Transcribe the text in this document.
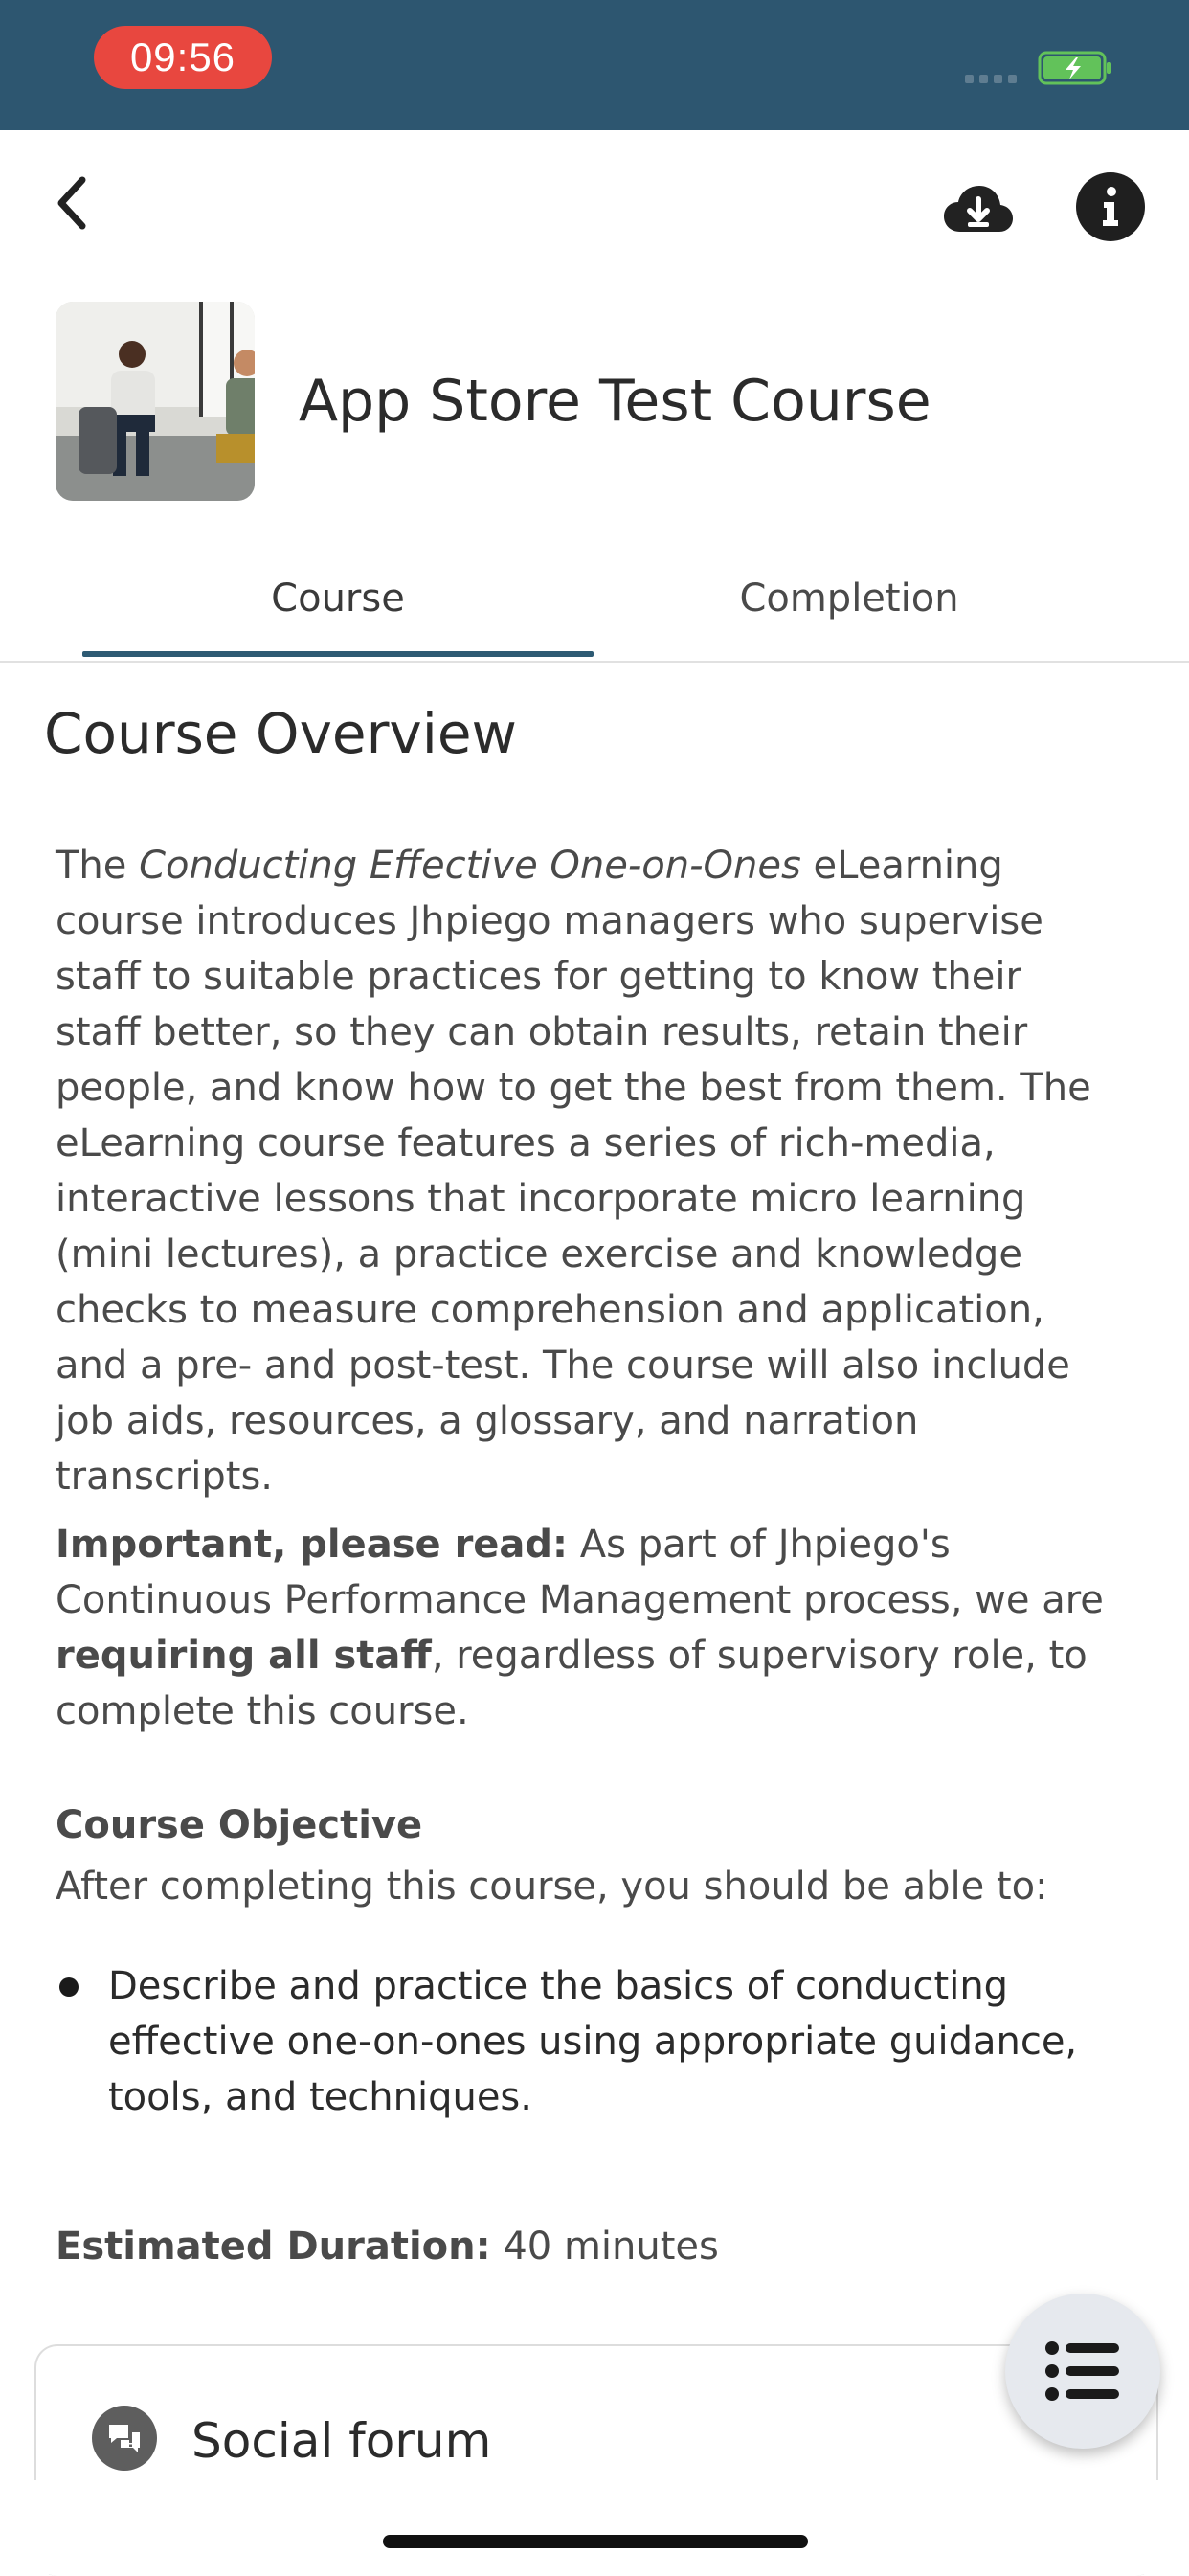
09:56
App Store Test Course
Course	Completion
Course Overview
The Conducting Effective One-on-Ones eLearning course introduces Jhpiego managers who supervise staff to suitable practices for getting to know their staff better, so they can obtain results, retain their people, and know how to get the best from them. The eLearning course features a series of rich-media, interactive lessons that incorporate micro learning (mini lectures), a practice exercise and knowledge checks to measure comprehension and application, and a pre- and post-test. The course will also include job aids, resources, a glossary, and narration transcripts.
Important, please read: As part of Jhpiego's Continuous Performance Management process, we are requiring all staff, regardless of supervisory role, to complete this course.
Course Objective
After completing this course, you should be able to:
Describe and practice the basics of conducting effective one-on-ones using appropriate guidance, tools, and techniques.
Estimated Duration: 40 minutes
Social forum
